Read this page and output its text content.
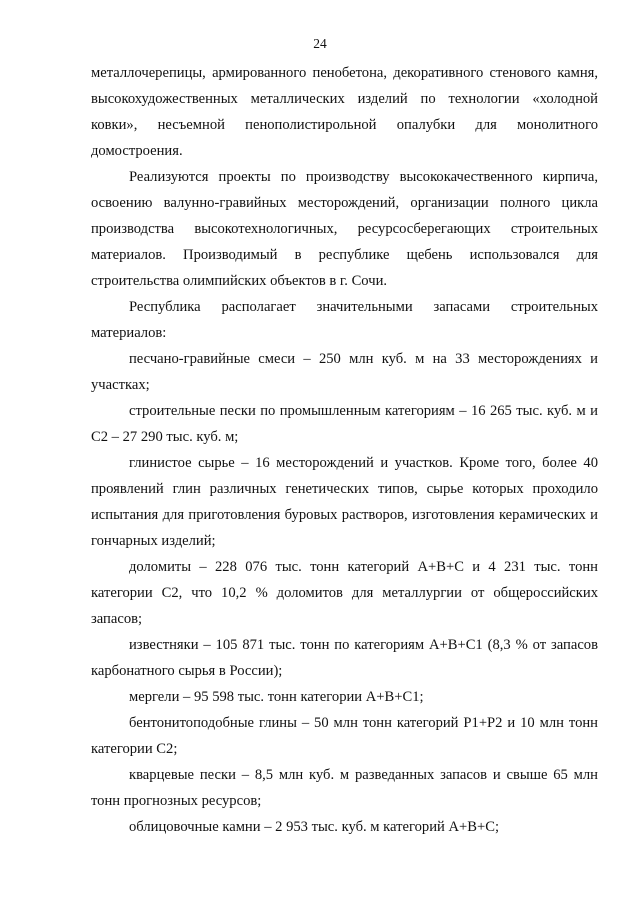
24

металлочерепицы, армированного пенобетона, декоративного стенового камня, высокохудожественных металлических изделий по технологии «холодной ковки», несъемной пенополистирольной опалубки для монолитного домостроения.

Реализуются проекты по производству высококачественного кирпича, освоению валунно-гравийных месторождений, организации полного цикла производства высокотехнологичных, ресурсосберегающих строительных материалов. Производимый в республике щебень использовался для строительства олимпийских объектов в г. Сочи.

Республика располагает значительными запасами строительных материалов:

песчано-гравийные смеси – 250 млн куб. м на 33 месторождениях и участках;

строительные пески по промышленным категориям – 16 265 тыс. куб. м и С2 – 27 290 тыс. куб. м;

глинистое сырье – 16 месторождений и участков. Кроме того, более 40 проявлений глин различных генетических типов, сырье которых проходило испытания для приготовления буровых растворов, изготовления керамических и гончарных изделий;

доломиты – 228 076 тыс. тонн категорий А+В+С и 4 231 тыс. тонн категории С2, что 10,2 % доломитов для металлургии от общероссийских запасов;

известняки – 105 871 тыс. тонн по категориям А+В+С1 (8,3 % от запасов карбонатного сырья в России);

мергели – 95 598 тыс. тонн категории А+В+С1;

бентонитоподобные глины – 50 млн тонн категорий Р1+Р2 и 10 млн тонн категории С2;

кварцевые пески – 8,5 млн куб. м разведанных запасов и свыше 65 млн тонн прогнозных ресурсов;

облицовочные камни – 2 953 тыс. куб. м категорий А+В+С;
